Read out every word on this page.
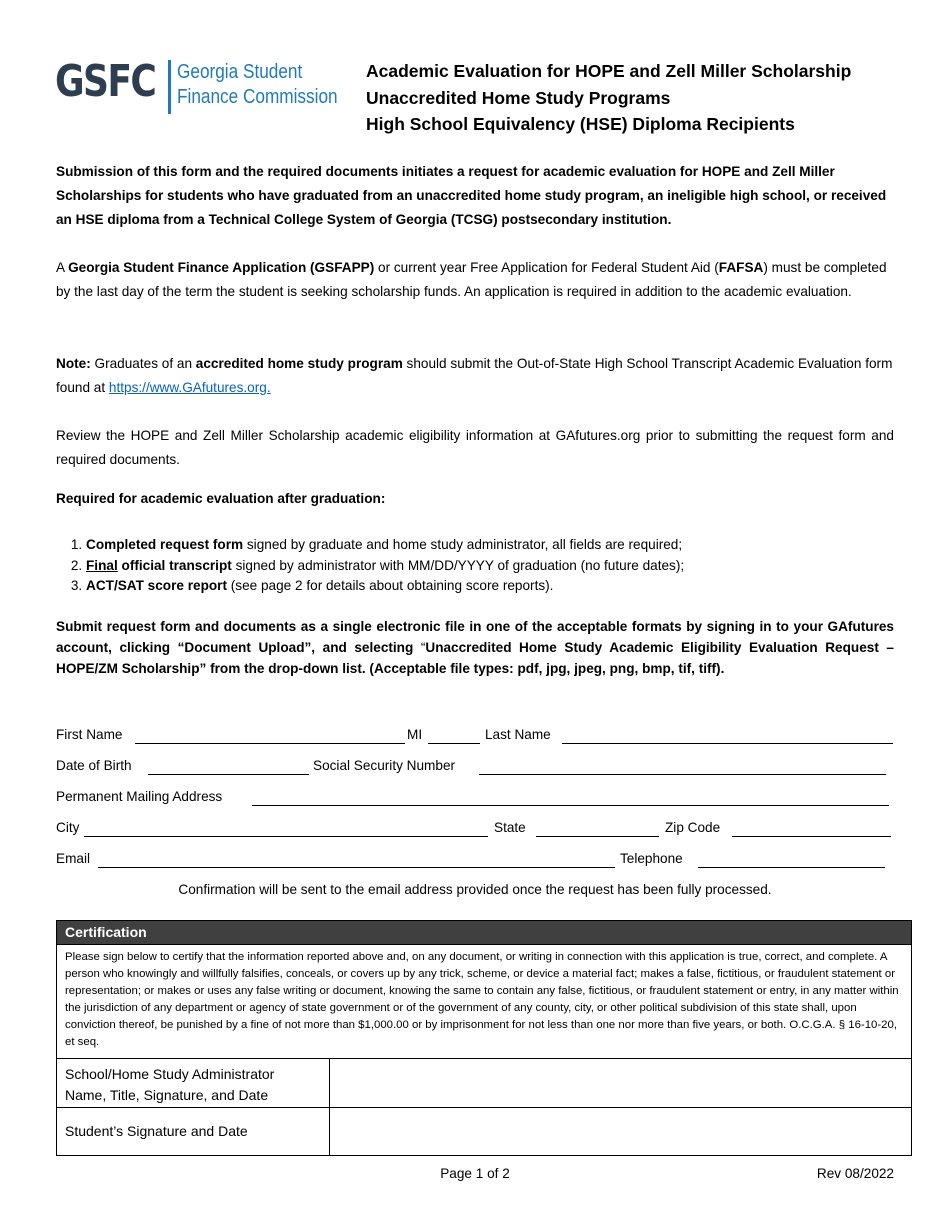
GSFC Georgia Student
Finance Commission
Academic Evaluation for HOPE and Zell Miller Scholarship
Unaccredited Home Study Programs
High School Equivalency (HSE) Diploma Recipients
Submission of this form and the required documents initiates a request for academic evaluation for HOPE and Zell Miller Scholarships for students who have graduated from an unaccredited home study program, an ineligible high school, or received an HSE diploma from a Technical College System of Georgia (TCSG) postsecondary institution.
A Georgia Student Finance Application (GSFAPP) or current year Free Application for Federal Student Aid (FAFSA) must be completed by the last day of the term the student is seeking scholarship funds. An application is required in addition to the academic evaluation.
Note: Graduates of an accredited home study program should submit the Out-of-State High School Transcript Academic Evaluation form found at https://www.GAfutures.org.
Review the HOPE and Zell Miller Scholarship academic eligibility information at GAfutures.org prior to submitting the request form and required documents.
Required for academic evaluation after graduation:
1. Completed request form signed by graduate and home study administrator, all fields are required;
2. Final official transcript signed by administrator with MM/DD/YYYY of graduation (no future dates);
3. ACT/SAT score report (see page 2 for details about obtaining score reports).
Submit request form and documents as a single electronic file in one of the acceptable formats by signing in to your GAfutures account, clicking “Document Upload”, and selecting “Unaccredited Home Study Academic Eligibility Evaluation Request – HOPE/ZM Scholarship” from the drop-down list. (Acceptable file types: pdf, jpg, jpeg, png, bmp, tif, tiff).
First Name	MI	Last Name
Date of Birth	Social Security Number
Permanent Mailing Address
City	State	Zip Code
Email	Telephone
Confirmation will be sent to the email address provided once the request has been fully processed.
Certification
Please sign below to certify that the information reported above and, on any document, or writing in connection with this application is true, correct, and complete. A person who knowingly and willfully falsifies, conceals, or covers up by any trick, scheme, or device a material fact; makes a false, fictitious, or fraudulent statement or representation; or makes or uses any false writing or document, knowing the same to contain any false, fictitious, or fraudulent statement or entry, in any matter within the jurisdiction of any department or agency of state government or of the government of any county, city, or other political subdivision of this state shall, upon conviction thereof, be punished by a fine of not more than $1,000.00 or by imprisonment for not less than one nor more than five years, or both. O.C.G.A. § 16-10-20, et seq.
School/Home Study Administrator
Name, Title, Signature, and Date
Student’s Signature and Date
Page 1 of 2	Rev 08/2022
